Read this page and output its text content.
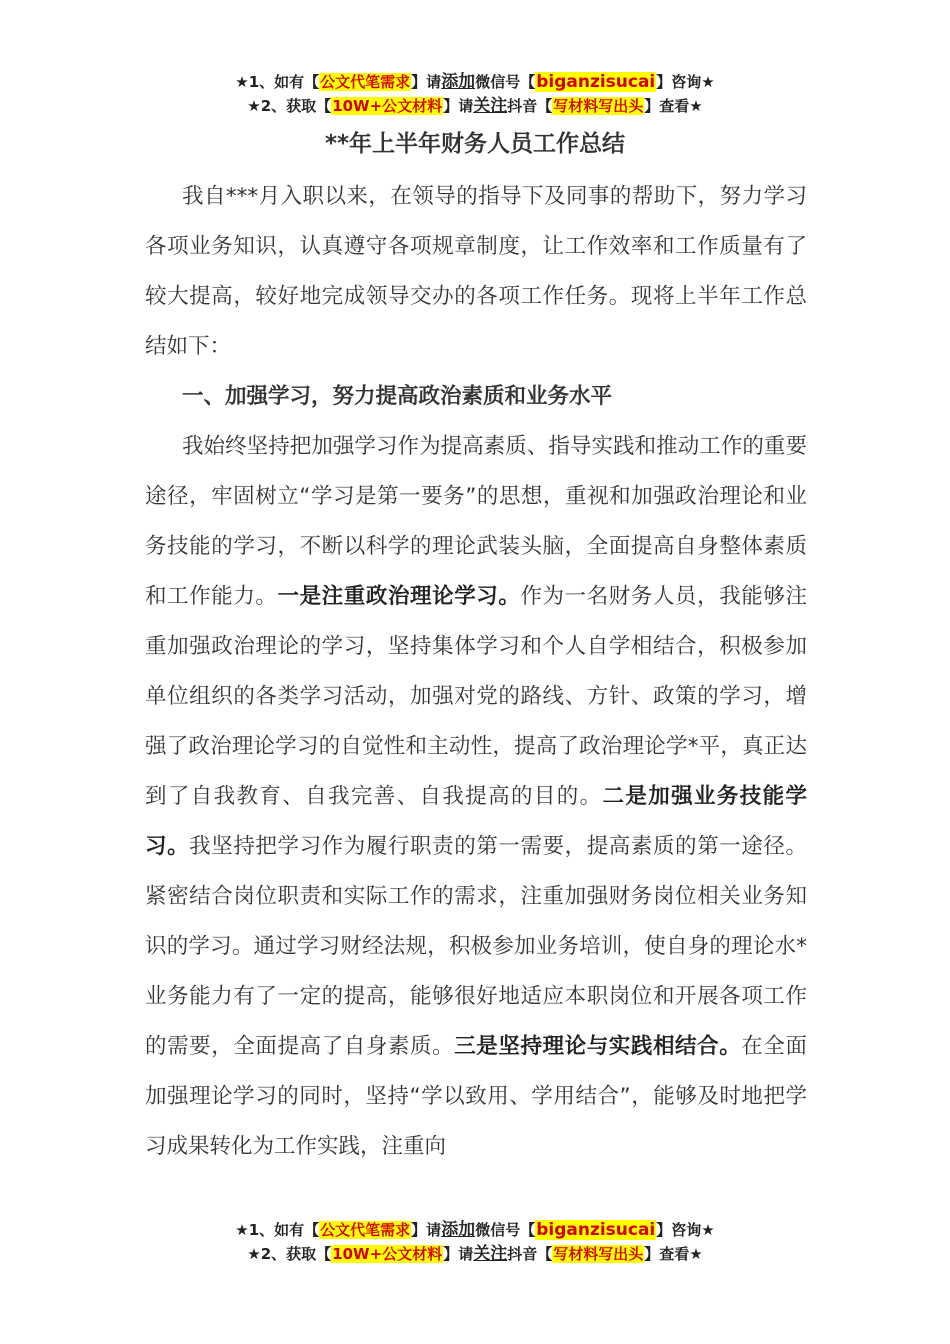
★1、如有【公文代笔需求】请添加微信号【biganzisucai】咨询★
★2、获取【10W+公文材料】请关注抖音【写材料写出头】查看★
**年上半年财务人员工作总结

我自***月入职以来，在领导的指导下及同事的帮助下，努力学习各项业务知识，认真遵守各项规章制度，让工作效率和工作质量有了较大提高，较好地完成领导交办的各项工作任务。现将上半年工作总结如下：

一、加强学习，努力提高政治素质和业务水平

我始终坚持把加强学习作为提高素质、指导实践和推动工作的重要途径，牢固树立“学习是第一要务”的思想，重视和加强政治理论和业务技能的学习，不断以科学的理论武装头脑，全面提高自身整体素质和工作能力。一是注重政治理论学习。作为一名财务人员，我能够注重加强政治理论的学习，坚持集体学习和个人自学相结合，积极参加单位组织的各类学习活动，加强对党的路线、方针、政策的学习，增强了政治理论学习的自觉性和主动性，提高了政治理论学*平，真正达到了自我教育、自我完善、自我提高的目的。二是加强业务技能学习。我坚持把学习作为履行职责的第一需要，提高素质的第一途径。紧密结合岗位职责和实际工作的需求，注重加强财务岗位相关业务知识的学习。通过学习财经法规，积极参加业务培训，使自身的理论水*业务能力有了一定的提高，能够很好地适应本职岗位和开展各项工作的需要，全面提高了自身素质。三是坚持理论与实践相结合。在全面加强理论学习的同时，坚持“学以致用、学用结合”，能够及时地把学习成果转化为工作实践，注重向

★1、如有【公文代笔需求】请添加微信号【biganzisucai】咨询★
★2、获取【10W+公文材料】请关注抖音【写材料写出头】查看★
